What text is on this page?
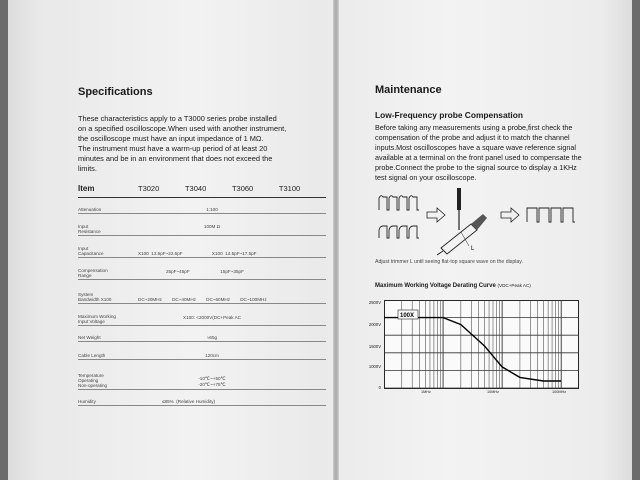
Specifications

These characteristics apply to a T3000 series probe installed

on a specified oscilloscope.When used with another instrument,

the oscilloscope must have an input impedance of 1 MΩ.

The instrument must have a warm-up period of at least 20

minutes and be in an environment that does not exceed the

limits.

Item	T3020	T3040	T3060	T3100
Attenuation	1:100			
Input
Resistance	100M Ω			
Input
Capacitance	X100  13.5pF~22.5pF                       X100  14.5pF~17.5pF			
Compensation
Range	25pF~45pF                        15pF~35pF			
System
Bandwidth X100	DC~20MHz        DC~40MHz        DC~60MHz        DC~100MHz			
Maximum Working
Input Voltage	X100: <2000V(DC+Peak AC			
Net Weight	≈65g			
Cable Length	120cm			
Temperature
Operating
Non-operating	-10℃~+50℃
-20℃~+75℃			
Humidity	≤85%  (Relative Humidity)			
Maintenance
Low-Frequency probe Compensation

Before taking any measurements using a probe,first check the

compensation of the probe and adjust it to match the channel

inputs.Most oscilloscopes have a square wave reference signal

available at a terminal on the front panel used to compensate the

probe.Connect the probe to the signal source to display a 1KHz

test signal on your oscilloscope.

L

Adjust trimmer L until seeing flat-top square wave on the display.

Maximum Working Voltage Derating Curve (VDC+Peak AC)
2500V
2000V
1500V
1000V
0
100X
1MHz	10MHz	100MHz
